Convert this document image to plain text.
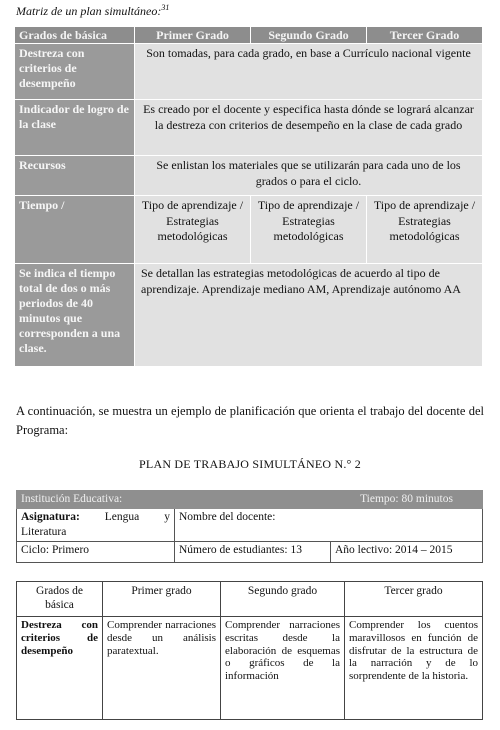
Matriz de un plan simultáneo:$^{31}$
Grados de básica	Primer Grado	Segundo Grado	Tercer Grado
Destreza con criterios de desempeño	Son tomadas, para cada grado, en base a Currículo nacional vigente		
Indicador de logro de la clase	Es creado por el docente y especifica hasta dónde se logrará alcanzar la destreza con criterios de desempeño en la clase de cada grado		
Recursos	Se enlistan los materiales que se utilizarán para cada uno de los grados o para el ciclo.		
Tiempo /	Tipo de aprendizaje / Estrategias metodológicas	Tipo de aprendizaje / Estrategias metodológicas	Tipo de aprendizaje / Estrategias metodológicas
Se indica el tiempo total de dos o más periodos de 40 minutos que corresponden a una clase.	Se detallan las estrategias metodológicas de acuerdo al tipo de aprendizaje. Aprendizaje mediano AM, Aprendizaje autónomo AA		
A continuación, se muestra un ejemplo de planificación que orienta el trabajo del docente del Programa:
PLAN DE TRABAJO SIMULTÁNEO N.° 2
Institución Educativa:		Tiempo: 80 minutos

Asignatura: Lengua y
Literatura	Nombre del docente:	
Ciclo: Primero	Número de estudiantes: 13	Año lectivo: 2014 – 2015
Grados de básica	Primer grado	Segundo grado	Tercer grado
Destreza con criterios de desempeño	Comprender narraciones desde un análisis paratextual.	Comprender narraciones escritas desde la elaboración de esquemas o gráficos de la información	Comprender los cuentos maravillosos en función de disfrutar de la estructura de la narración y de lo sorprendente de la historia.
